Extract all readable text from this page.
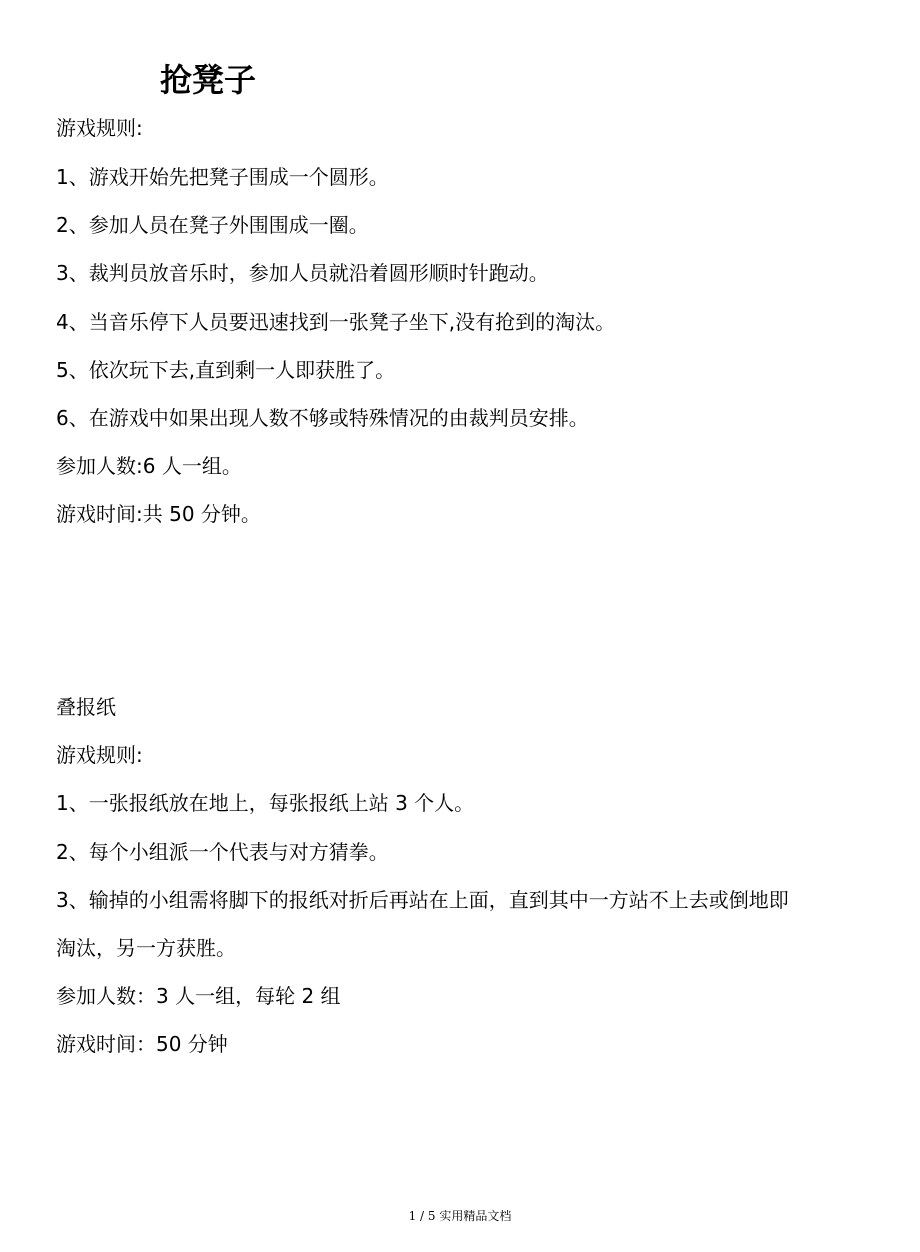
抢凳子
游戏规则:
1、游戏开始先把凳子围成一个圆形。
2、参加人员在凳子外围围成一圈。
3、裁判员放音乐时，参加人员就沿着圆形顺时针跑动。
4、当音乐停下人员要迅速找到一张凳子坐下,没有抢到的淘汰。
5、依次玩下去,直到剩一人即获胜了。
6、在游戏中如果出现人数不够或特殊情况的由裁判员安排。
参加人数:6 人一组。
游戏时间:共 50 分钟。
叠报纸
游戏规则:
1、一张报纸放在地上，每张报纸上站 3 个人。
2、每个小组派一个代表与对方猜拳。
3、输掉的小组需将脚下的报纸对折后再站在上面，直到其中一方站不上去或倒地即
淘汰，另一方获胜。
参加人数：3 人一组，每轮 2 组
游戏时间：50 分钟
1 / 5 实用精品文档
